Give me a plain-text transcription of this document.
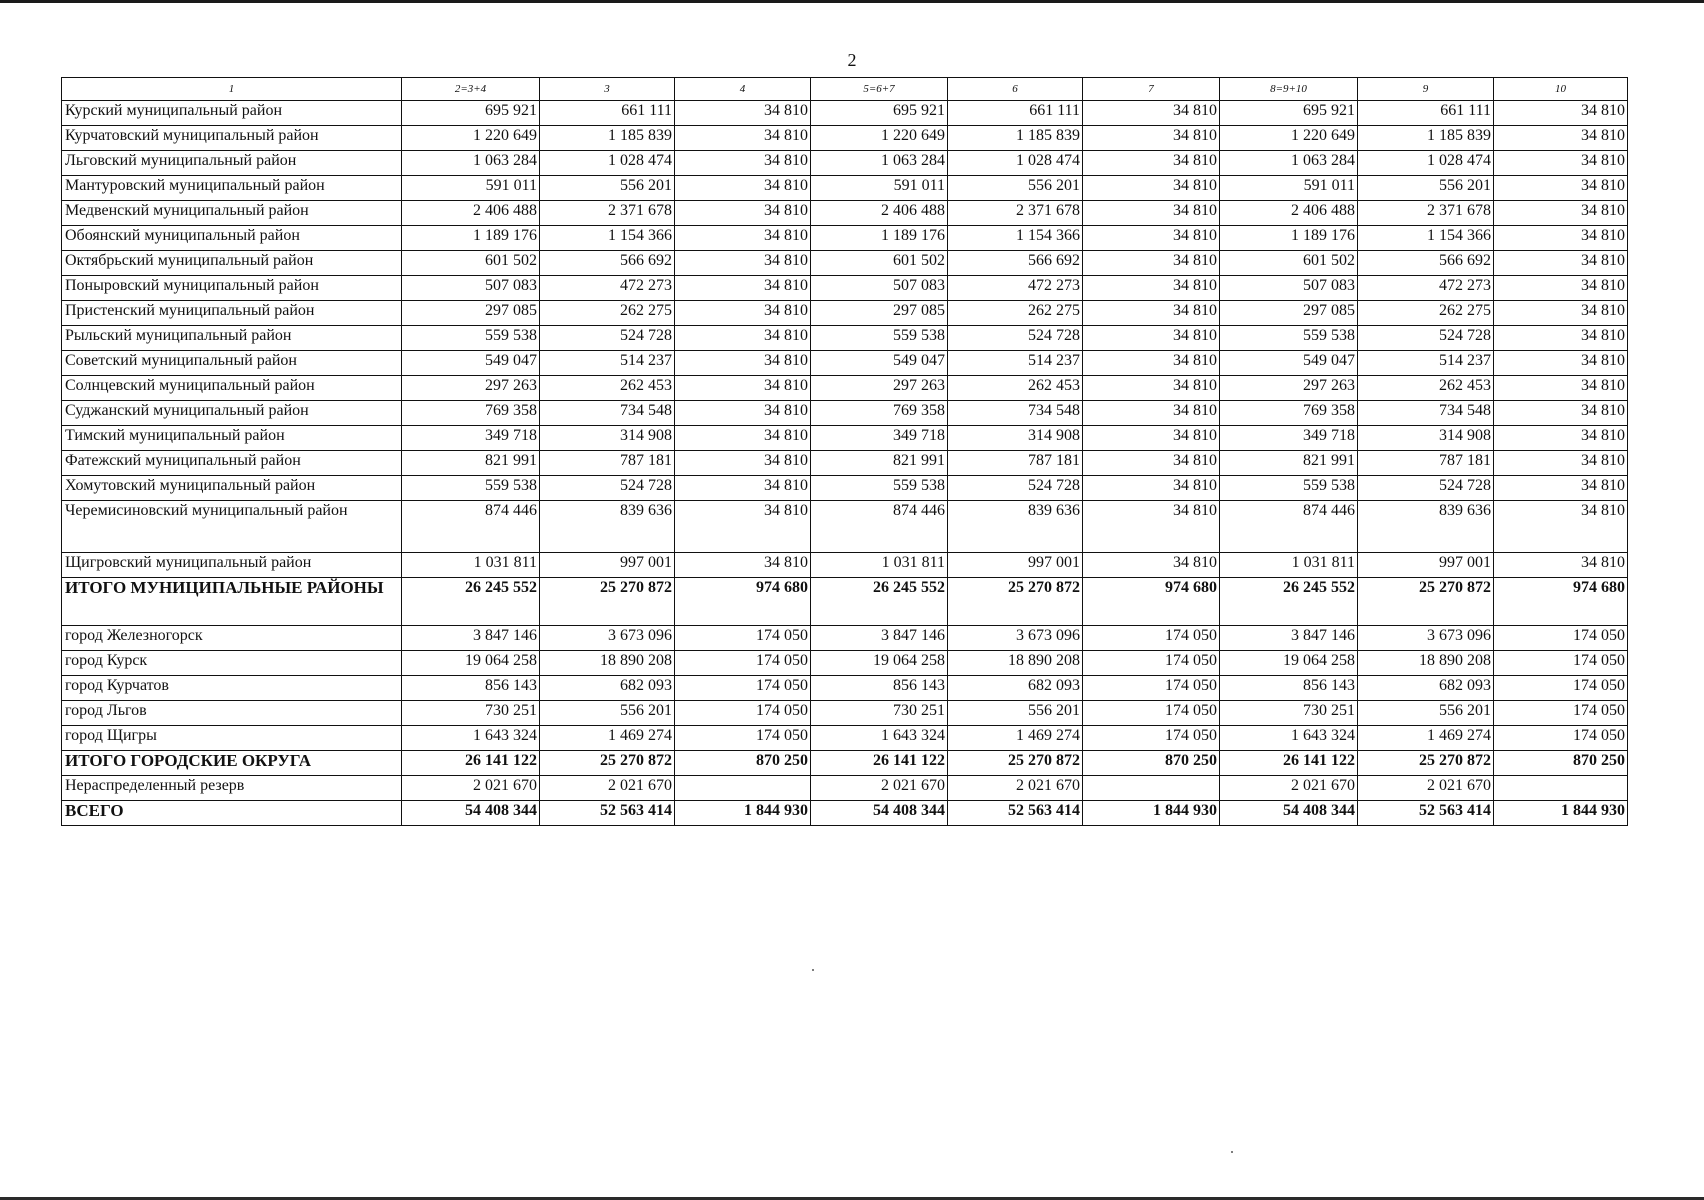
2
1	2=3+4	3	4	5=6+7	6	7	8=9+10	9	10
Курский муниципальный район	695 921	661 111	34 810	695 921	661 111	34 810	695 921	661 111	34 810
Курчатовский муниципальный район	1 220 649	1 185 839	34 810	1 220 649	1 185 839	34 810	1 220 649	1 185 839	34 810
Льговский муниципальный район	1 063 284	1 028 474	34 810	1 063 284	1 028 474	34 810	1 063 284	1 028 474	34 810
Мантуровский муниципальный район	591 011	556 201	34 810	591 011	556 201	34 810	591 011	556 201	34 810
Медвенский муниципальный район	2 406 488	2 371 678	34 810	2 406 488	2 371 678	34 810	2 406 488	2 371 678	34 810
Обоянский муниципальный район	1 189 176	1 154 366	34 810	1 189 176	1 154 366	34 810	1 189 176	1 154 366	34 810
Октябрьский муниципальный район	601 502	566 692	34 810	601 502	566 692	34 810	601 502	566 692	34 810
Поныровский муниципальный район	507 083	472 273	34 810	507 083	472 273	34 810	507 083	472 273	34 810
Пристенский муниципальный район	297 085	262 275	34 810	297 085	262 275	34 810	297 085	262 275	34 810
Рыльский муниципальный район	559 538	524 728	34 810	559 538	524 728	34 810	559 538	524 728	34 810
Советский муниципальный район	549 047	514 237	34 810	549 047	514 237	34 810	549 047	514 237	34 810
Солнцевский муниципальный район	297 263	262 453	34 810	297 263	262 453	34 810	297 263	262 453	34 810
Суджанский муниципальный район	769 358	734 548	34 810	769 358	734 548	34 810	769 358	734 548	34 810
Тимский муниципальный район	349 718	314 908	34 810	349 718	314 908	34 810	349 718	314 908	34 810
Фатежский муниципальный район	821 991	787 181	34 810	821 991	787 181	34 810	821 991	787 181	34 810
Хомутовский муниципальный район	559 538	524 728	34 810	559 538	524 728	34 810	559 538	524 728	34 810
Черемисиновский муниципальный район	874 446	839 636	34 810	874 446	839 636	34 810	874 446	839 636	34 810
Щигровский муниципальный район	1 031 811	997 001	34 810	1 031 811	997 001	34 810	1 031 811	997 001	34 810
ИТОГО МУНИЦИПАЛЬНЫЕ РАЙОНЫ	26 245 552	25 270 872	974 680	26 245 552	25 270 872	974 680	26 245 552	25 270 872	974 680
город Железногорск	3 847 146	3 673 096	174 050	3 847 146	3 673 096	174 050	3 847 146	3 673 096	174 050
город Курск	19 064 258	18 890 208	174 050	19 064 258	18 890 208	174 050	19 064 258	18 890 208	174 050
город Курчатов	856 143	682 093	174 050	856 143	682 093	174 050	856 143	682 093	174 050
город Льгов	730 251	556 201	174 050	730 251	556 201	174 050	730 251	556 201	174 050
город Щигры	1 643 324	1 469 274	174 050	1 643 324	1 469 274	174 050	1 643 324	1 469 274	174 050
ИТОГО ГОРОДСКИЕ ОКРУГА	26 141 122	25 270 872	870 250	26 141 122	25 270 872	870 250	26 141 122	25 270 872	870 250
Нераспределенный резерв	2 021 670	2 021 670		2 021 670	2 021 670		2 021 670	2 021 670	
ВСЕГО	54 408 344	52 563 414	1 844 930	54 408 344	52 563 414	1 844 930	54 408 344	52 563 414	1 844 930
